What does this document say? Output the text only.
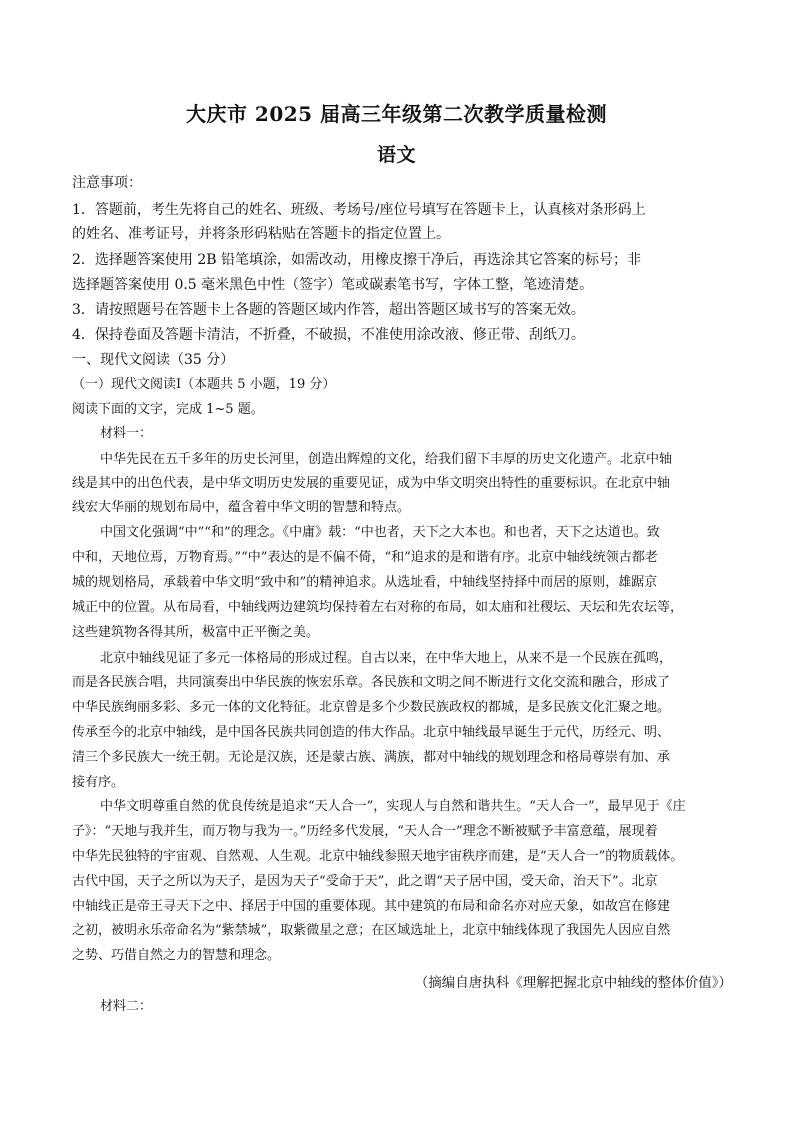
大庆市 2025 届高三年级第二次教学质量检测
语文
注意事项：
1．答题前，考生先将自己的姓名、班级、考场号/座位号填写在答题卡上，认真核对条形码上
的姓名、准考证号，并将条形码粘贴在答题卡的指定位置上。
2．选择题答案使用 2B 铅笔填涂，如需改动，用橡皮擦干净后，再选涂其它答案的标号；非
选择题答案使用 0.5 毫米黑色中性（签字）笔或碳素笔书写，字体工整，笔迹清楚。
3．请按照题号在答题卡上各题的答题区域内作答，超出答题区域书写的答案无效。
4．保持卷面及答题卡清洁，不折叠，不破损，不准使用涂改液、修正带、刮纸刀。
一、现代文阅读（35 分）
（一）现代文阅读Ⅰ（本题共 5 小题，19 分）
阅读下面的文字，完成 1~5 题。
材料一：
中华先民在五千多年的历史长河里，创造出辉煌的文化，给我们留下丰厚的历史文化遗产。北京中轴
线是其中的出色代表，是中华文明历史发展的重要见证，成为中华文明突出特性的重要标识。在北京中轴
线宏大华丽的规划布局中，蕴含着中华文明的智慧和特点。
中国文化强调“中”“和”的理念。《中庸》载：“中也者，天下之大本也。和也者，天下之达道也。致
中和，天地位焉，万物育焉。”“中”表达的是不偏不倚，“和”追求的是和谐有序。北京中轴线统领古都老
城的规划格局，承载着中华文明“致中和”的精神追求。从选址看，中轴线坚持择中而居的原则，雄踞京
城正中的位置。从布局看，中轴线两边建筑均保持着左右对称的布局，如太庙和社稷坛、天坛和先农坛等，
这些建筑物各得其所，极富中正平衡之美。
北京中轴线见证了多元一体格局的形成过程。自古以来，在中华大地上，从来不是一个民族在孤鸣，
而是各民族合唱，共同演奏出中华民族的恢宏乐章。各民族和文明之间不断进行文化交流和融合，形成了
中华民族绚丽多彩、多元一体的文化特征。北京曾是多个少数民族政权的都城，是多民族文化汇聚之地。
传承至今的北京中轴线，是中国各民族共同创造的伟大作品。北京中轴线最早诞生于元代，历经元、明、
清三个多民族大一统王朝。无论是汉族，还是蒙古族、满族，都对中轴线的规划理念和格局尊崇有加、承
接有序。
中华文明尊重自然的优良传统是追求“天人合一”，实现人与自然和谐共生。“天人合一”，最早见于《庄
子》：“天地与我并生，而万物与我为一。”历经多代发展，“天人合一”理念不断被赋予丰富意蕴，展现着
中华先民独特的宇宙观、自然观、人生观。北京中轴线参照天地宇宙秩序而建，是“天人合一”的物质载体。
古代中国，天子之所以为天子，是因为天子“受命于天”，此之谓“天子居中国，受天命，治天下”。北京
中轴线正是帝王寻天下之中、择居于中国的重要体现。其中建筑的布局和命名亦对应天象，如故宫在修建
之初，被明永乐帝命名为“紫禁城”，取紫微星之意；在区域选址上，北京中轴线体现了我国先人因应自然
之势、巧借自然之力的智慧和理念。
（摘编自唐执科《理解把握北京中轴线的整体价值》）
材料二：
